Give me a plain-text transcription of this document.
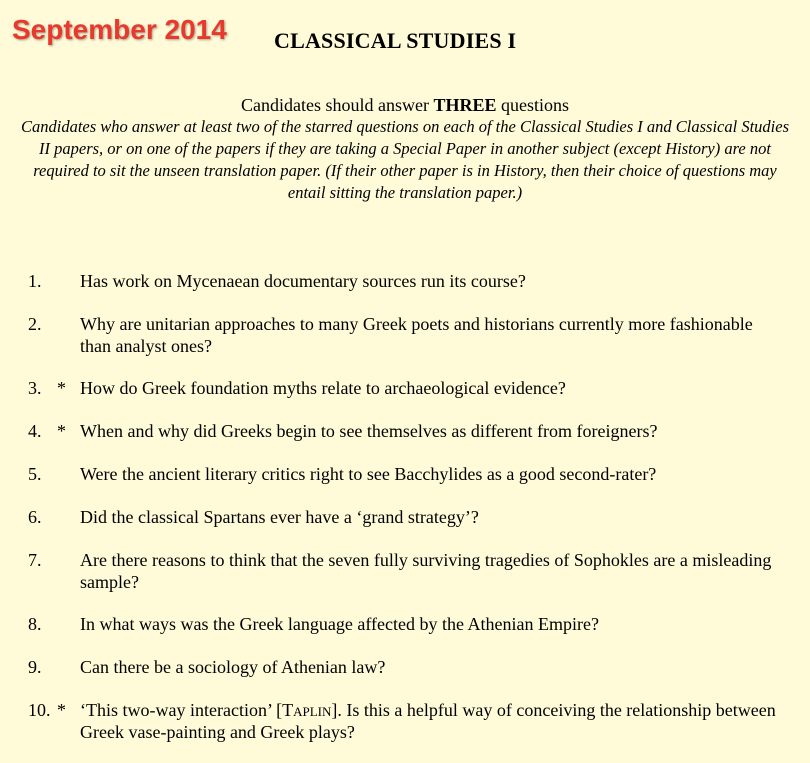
September 2014 CLASSICAL STUDIES I
Candidates should answer THREE questions
Candidates who answer at least two of the starred questions on each of the Classical Studies I and Classical Studies II papers, or on one of the papers if they are taking a Special Paper in another subject (except History) are not required to sit the unseen translation paper. (If their other paper is in History, then their choice of questions may entail sitting the translation paper.)
1.	Has work on Mycenaean documentary sources run its course?
2.	Why are unitarian approaches to many Greek poets and historians currently more fashionable than analyst ones?
3. * How do Greek foundation myths relate to archaeological evidence?
4. * When and why did Greeks begin to see themselves as different from foreigners?
5.	Were the ancient literary critics right to see Bacchylides as a good second-rater?
6.	Did the classical Spartans ever have a ‘grand strategy’?
7.	Are there reasons to think that the seven fully surviving tragedies of Sophokles are a misleading sample?
8.	In what ways was the Greek language affected by the Athenian Empire?
9.	Can there be a sociology of Athenian law?
10. * ‘This two-way interaction’ [Taplin]. Is this a helpful way of conceiving the relationship between Greek vase-painting and Greek plays?
